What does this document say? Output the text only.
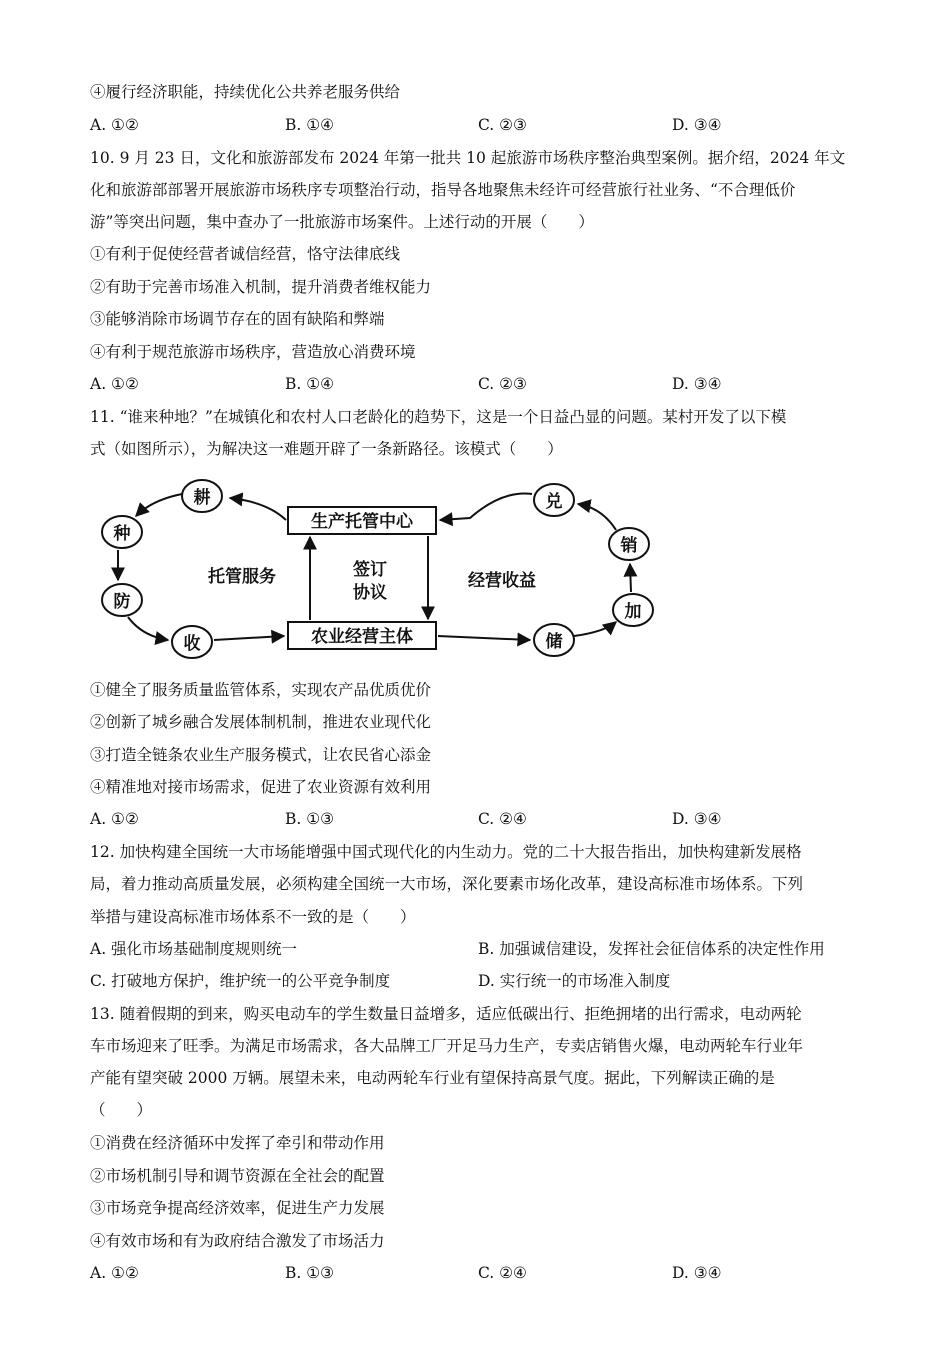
④履行经济职能，持续优化公共养老服务供给
A. ①②	B. ①④	C. ②③	D. ③④
10. 9 月 23 日，文化和旅游部发布 2024 年第一批共 10 起旅游市场秩序整治典型案例。据介绍，2024 年文
化和旅游部部署开展旅游市场秩序专项整治行动，指导各地聚焦未经许可经营旅行社业务、“不合理低价
游”等突出问题，集中查办了一批旅游市场案件。上述行动的开展（　　）
①有利于促使经营者诚信经营，恪守法律底线
②有助于完善市场准入机制，提升消费者维权能力
③能够消除市场调节存在的固有缺陷和弊端
④有利于规范旅游市场秩序，营造放心消费环境
A. ①②	B. ①④	C. ②③	D. ③④
11. “谁来种地？”在城镇化和农村人口老龄化的趋势下，这是一个日益凸显的问题。某村开发了以下模
式（如图所示），为解决这一难题开辟了一条新路径。该模式（　　）
生产托管中心
农业经营主体
签订
协议
托管服务	经营收益
耕
种
防
收	储
加
销
兑
①健全了服务质量监管体系，实现农产品优质优价
②创新了城乡融合发展体制机制，推进农业现代化
③打造全链条农业生产服务模式，让农民省心添金
④精准地对接市场需求，促进了农业资源有效利用
A. ①②	B. ①③	C. ②④	D. ③④
12. 加快构建全国统一大市场能增强中国式现代化的内生动力。党的二十大报告指出，加快构建新发展格
局，着力推动高质量发展，必须构建全国统一大市场，深化要素市场化改革，建设高标准市场体系。下列
举措与建设高标准市场体系不一致的是（　　）
A. 强化市场基础制度规则统一	B. 加强诚信建设，发挥社会征信体系的决定性作用
C. 打破地方保护，维护统一的公平竞争制度	D. 实行统一的市场准入制度
13. 随着假期的到来，购买电动车的学生数量日益增多，适应低碳出行、拒绝拥堵的出行需求，电动两轮
车市场迎来了旺季。为满足市场需求，各大品牌工厂开足马力生产，专卖店销售火爆，电动两轮车行业年
产能有望突破 2000 万辆。展望未来，电动两轮车行业有望保持高景气度。据此，下列解读正确的是
（　　）
①消费在经济循环中发挥了牵引和带动作用
②市场机制引导和调节资源在全社会的配置
③市场竞争提高经济效率，促进生产力发展
④有效市场和有为政府结合激发了市场活力
A. ①②	B. ①③	C. ②④	D. ③④
